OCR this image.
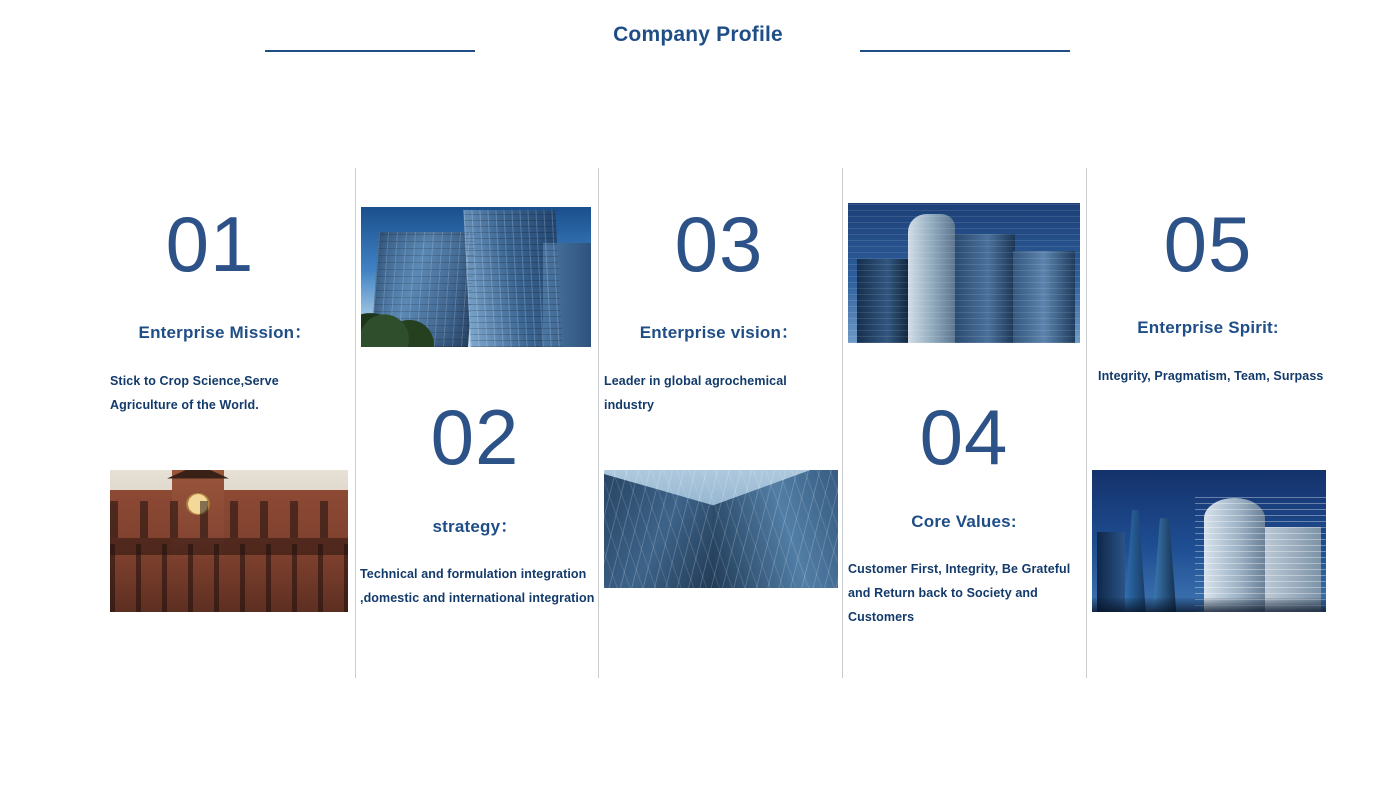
Company Profile
01
Enterprise Mission：
Stick to Crop Science,Serve Agriculture of the World.	02
strategy：
Technical and formulation integration ,domestic and international integration
03
Enterprise vision：
Leader in global agrochemical industry	04
Core Values:
Customer First, Integrity, Be Grateful and Return back to Society and Customers
05
Enterprise Spirit:
Integrity, Pragmatism, Team, Surpass
